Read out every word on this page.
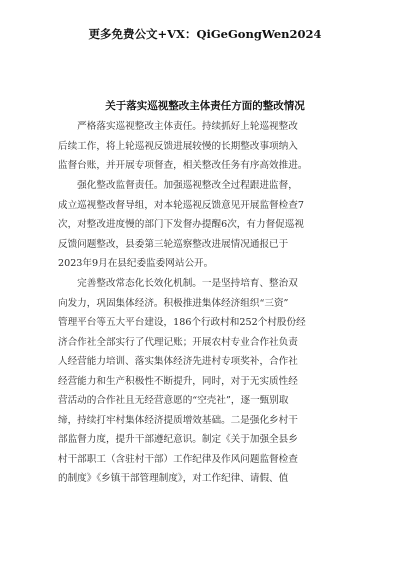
更多免费公文+VX：QiGeGongWen2024
关于落实巡视整改主体责任方面的整改情况

　　严格落实巡视整改主体责任。持续抓好上轮巡视整改
后续工作，将上轮巡视反馈进展较慢的长期整改事项纳入
监督台账，并开展专项督查，相关整改任务有序高效推进。

　　强化整改监督责任。加强巡视整改全过程跟进监督，
成立巡视整改督导组，对本轮巡视反馈意见开展监督检查7
次，对整改进度慢的部门下发督办提醒6次，有力督促巡视
反馈问题整改，县委第三轮巡察整改进展情况通报已于
2023年9月在县纪委监委网站公开。

　　完善整改常态化长效化机制。一是坚持培育、整治双
向发力，巩固集体经济。积极推进集体经济组织“三资”
管理平台等五大平台建设，186个行政村和252个村股份经
济合作社全部实行了代理记账；开展农村专业合作社负责
人经营能力培训、落实集体经济先进村专项奖补，合作社
经营能力和生产积极性不断提升，同时，对于无实质性经
营活动的合作社且无经营意愿的“空壳社”，逐一甄别取
缔，持续打牢村集体经济提质增效基础。二是强化乡村干
部监督力度，提升干部遵纪意识。制定《关于加强全县乡
村干部职工（含驻村干部）工作纪律及作风问题监督检查
的制度》《乡镇干部管理制度》，对工作纪律、请假、值
